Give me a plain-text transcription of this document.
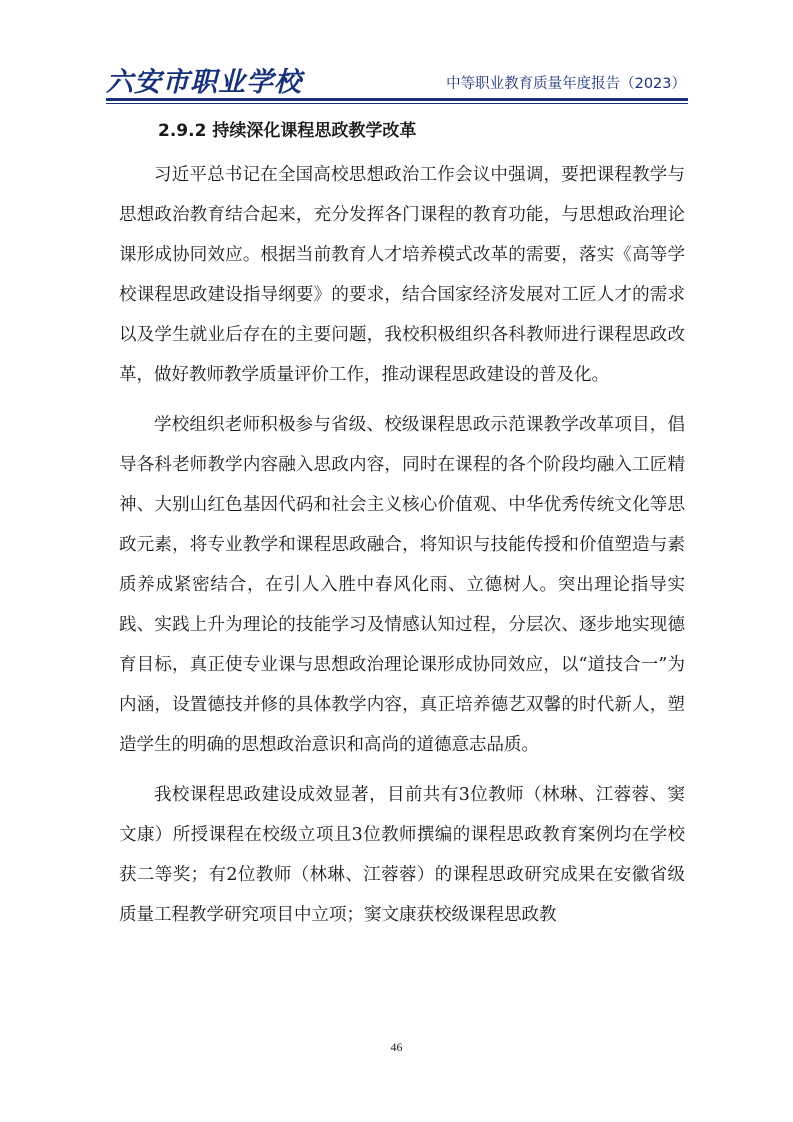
六安市职业学校	中等职业教育质量年度报告（2023）
2.9.2 持续深化课程思政教学改革

习近平总书记在全国高校思想政治工作会议中强调，要把课程教学与思想政治教育结合起来，充分发挥各门课程的教育功能，与思想政治理论课形成协同效应。根据当前教育人才培养模式改革的需要，落实《高等学校课程思政建设指导纲要》的要求，结合国家经济发展对工匠人才的需求以及学生就业后存在的主要问题，我校积极组织各科教师进行课程思政改革，做好教师教学质量评价工作，推动课程思政建设的普及化。

学校组织老师积极参与省级、校级课程思政示范课教学改革项目，倡导各科老师教学内容融入思政内容，同时在课程的各个阶段均融入工匠精神、大别山红色基因代码和社会主义核心价值观、中华优秀传统文化等思政元素，将专业教学和课程思政融合，将知识与技能传授和价值塑造与素质养成紧密结合，在引人入胜中春风化雨、立德树人。突出理论指导实践、实践上升为理论的技能学习及情感认知过程，分层次、逐步地实现德育目标，真正使专业课与思想政治理论课形成协同效应，以“道技合一”为内涵，设置德技并修的具体教学内容，真正培养德艺双馨的时代新人，塑造学生的明确的思想政治意识和高尚的道德意志品质。

我校课程思政建设成效显著，目前共有3位教师（林琳、江蓉蓉、窦文康）所授课程在校级立项且3位教师撰编的课程思政教育案例均在学校获二等奖；有2位教师（林琳、江蓉蓉）的课程思政研究成果在安徽省级质量工程教学研究项目中立项；窦文康获校级课程思政教

46
